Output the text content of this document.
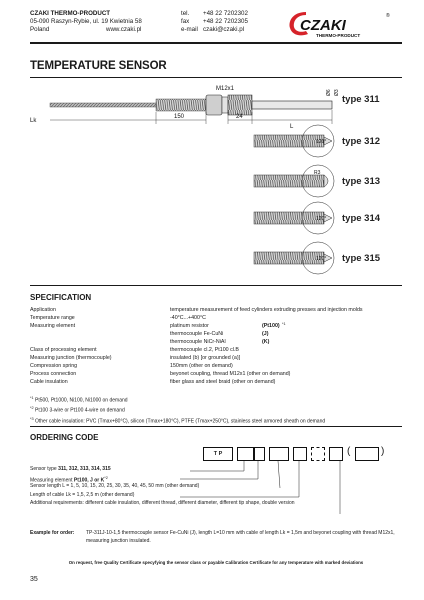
CZAKI THERMO-PRODUCT
05-090 Raszyn-Rybie, ul. 19 Kwietnia 58
Poland	www.czaki.pl
tel. +48 22 7202302
fax +48 22 7202305
e-mail czaki@czaki.pl	CZAKI
THERMO-PRODUCT
®
TEMPERATURE SENSOR
Lk
150	24
L
M12x1
Ø6 Ø3
120°
R3
120°
120°
type 311
type 312
type 313
type 314
type 315
SPECIFICATION
Application	temperature measurement of feed cylinders extruding presses and injection molds
Temperature range	-40°C...+400°C
Measuring element	platinum resistor	(Pt100) *1
thermocouple Fe-CuNi	(J)
thermocouple NiCr-NiAl	(K)
Class of processing element	thermocouple cl.2, Pt100 cl.B
Measuring junction (thermocouple)	insulated (b) [or grounded (a)]
Compression spring	150mm (other on demand)
Process connection	beyonet coupling, thread M12x1 (other on demand)
Cable insulation	fiber glass and steel braid (other on demand)
$^{*1}$ Pt500, Pt1000, Ni100, Ni1000 on demand
$^{*2}$ Pt100 3-wire or Pt100 4-wire on demand
$^{*3}$ Other cable insulation: PVC (Tmax+80°C), silicon (Tmax+180°C), PTFE (Tmax+250°C), stainless steel armored sheath on demand
ORDERING CODE
T P	(	)
Sensor type 311, 312, 313, 314, 315
Measuring element Pt100, J or $K^{*2}$
Sensor length L = 1, 5, 10, 15, 20, 25, 30, 35, 40, 45, 50 mm (other demand)
Length of cable Lk = 1,5, 2,5 m (other demand)
Additional requirements: different cable insulation, different thread, different diameter, different tip shape, double version
Example for order: TP-311J-10-1,5 thermocouple sensor Fe-CuNi (J), length L=10 mm with cable of length Lk = 1,5m and beyonet coupling with thread M12x1, measuring junction insulated.
On request, free Quality Certificate specyfying the sensor class or payable Calibration Certificate for any temperature with marked deviations
35
